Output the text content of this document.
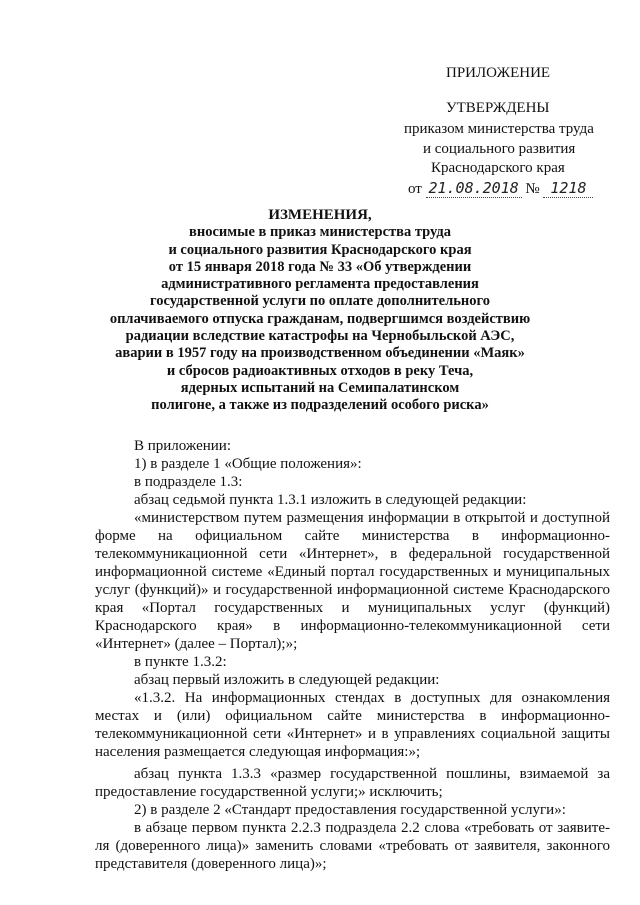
ПРИЛОЖЕНИЕ
УТВЕРЖДЕНЫ
приказом министерства труда
и социального развития
Краснодарского края
от 21.08.2018 № 1218
ИЗМЕНЕНИЯ,
вносимые в приказ министерства труда
и социального развития Краснодарского края
от 15 января 2018 года № 33 «Об утверждении
административного регламента предоставления
государственной услуги по оплате дополнительного
оплачиваемого отпуска гражданам, подвергшимся воздействию
радиации вследствие катастрофы на Чернобыльской АЭС,
аварии в 1957 году на производственном объединении «Маяк»
и сбросов радиоактивных отходов в реку Теча,
ядерных испытаний на Семипалатинском
полигоне, а также из подразделений особого риска»
В приложении:
1) в разделе 1 «Общие положения»:
в подразделе 1.3:
абзац седьмой пункта 1.3.1 изложить в следующей редакции:
«министерством путем размещения информации в открытой и доступной
форме на официальном сайте министерства в информационно-
телекоммуникационной сети «Интернет», в федеральной государственной
информационной системе «Единый портал государственных и муниципальных
услуг (функций)» и государственной информационной системе Краснодарского
края «Портал государственных и муниципальных услуг (функций)
Краснодарского края» в информационно-телекоммуникационной сети
«Интернет» (далее – Портал);»;
в пункте 1.3.2:
абзац первый изложить в следующей редакции:
«1.3.2. На информационных стендах в доступных для ознакомления
местах и (или) официальном сайте министерства в информационно-
телекоммуникационной сети «Интернет» и в управлениях социальной защиты
населения размещается следующая информация:»;
абзац пункта 1.3.3 «размер государственной пошлины, взимаемой за
предоставление государственной услуги;» исключить;
2) в разделе 2 «Стандарт предоставления государственной услуги»:
в абзаце первом пункта 2.2.3 подраздела 2.2 слова «требовать от заявите-
ля (доверенного лица)» заменить словами «требовать от заявителя, законного
представителя (доверенного лица)»;
